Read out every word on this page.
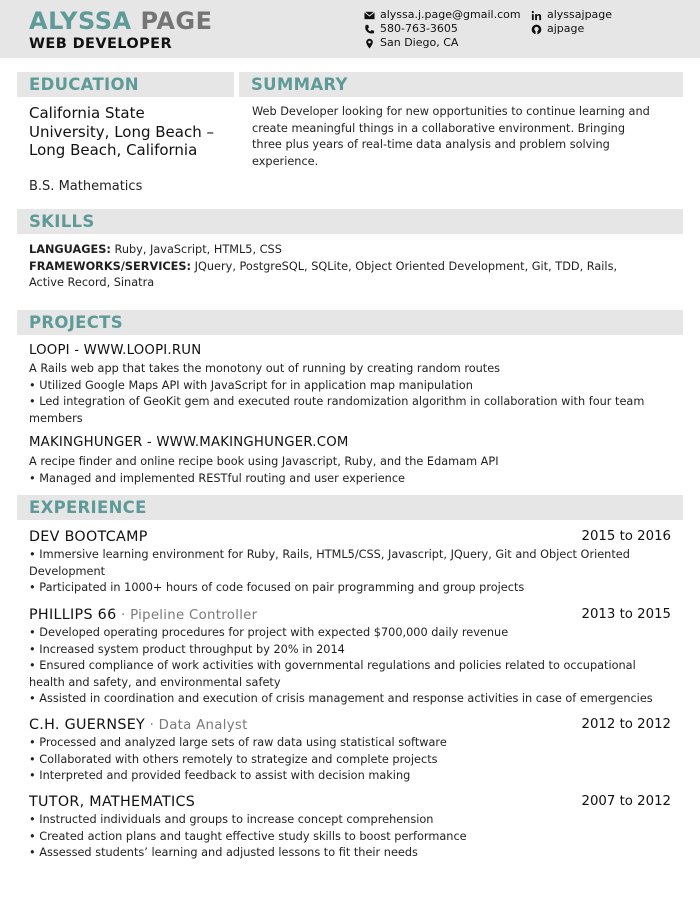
ALYSSA PAGE
WEB DEVELOPER
alyssa.j.page@gmail.com
580-763-3605
San Diego, CA
alyssajpage
ajpage
EDUCATION
California State University, Long Beach – Long Beach, California
B.S. Mathematics
SUMMARY
Web Developer looking for new opportunities to continue learning and create meaningful things in a collaborative environment. Bringing three plus years of real-time data analysis and problem solving experience.
SKILLS
LANGUAGES: Ruby, JavaScript, HTML5, CSS
FRAMEWORKS/SERVICES: JQuery, PostgreSQL, SQLite, Object Oriented Development, Git, TDD, Rails, Active Record, Sinatra
PROJECTS
LOOPI - WWW.LOOPI.RUN
A Rails web app that takes the monotony out of running by creating random routes
• Utilized Google Maps API with JavaScript for in application map manipulation
• Led integration of GeoKit gem and executed route randomization algorithm in collaboration with four team members
MAKINGHUNGER - WWW.MAKINGHUNGER.COM
A recipe finder and online recipe book using Javascript, Ruby, and the Edamam API
• Managed and implemented RESTful routing and user experience
EXPERIENCE
DEV BOOTCAMP	2015 to 2016
• Immersive learning environment for Ruby, Rails, HTML5/CSS, Javascript, JQuery, Git and Object Oriented Development
• Participated in 1000+ hours of code focused on pair programming and group projects
PHILLIPS 66 · Pipeline Controller	2013 to 2015
• Developed operating procedures for project with expected $700,000 daily revenue
• Increased system product throughput by 20% in 2014
• Ensured compliance of work activities with governmental regulations and policies related to occupational health and safety, and environmental safety
• Assisted in coordination and execution of crisis management and response activities in case of emergencies
C.H. GUERNSEY · Data Analyst	2012 to 2012
• Processed and analyzed large sets of raw data using statistical software
• Collaborated with others remotely to strategize and complete projects
• Interpreted and provided feedback to assist with decision making
TUTOR, MATHEMATICS	2007 to 2012
• Instructed individuals and groups to increase concept comprehension
• Created action plans and taught effective study skills to boost performance
• Assessed students’ learning and adjusted lessons to fit their needs
